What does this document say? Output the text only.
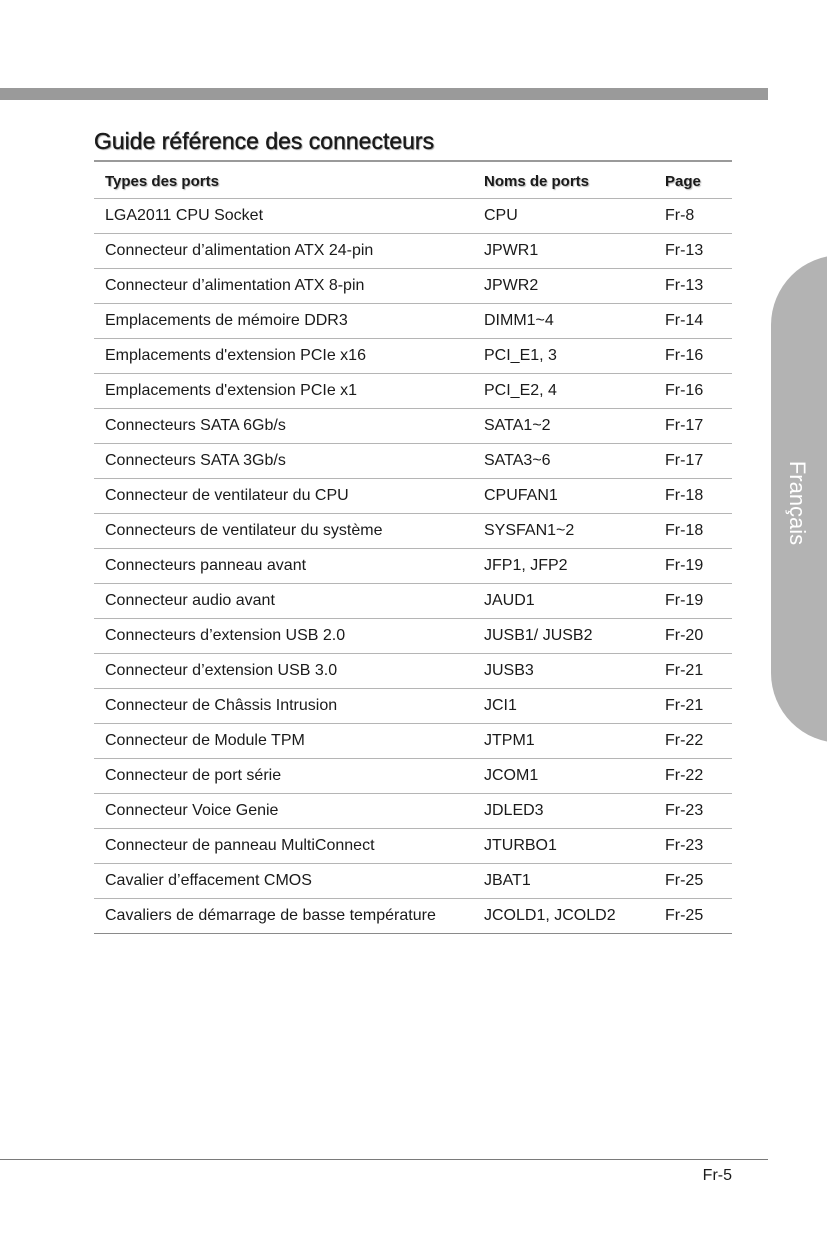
Guide référence des connecteurs
Types des ports	Noms de ports	Page
LGA2011 CPU Socket	CPU	Fr-8
Connecteur d’alimentation ATX 24-pin	JPWR1	Fr-13
Connecteur d’alimentation ATX 8-pin	JPWR2	Fr-13
Emplacements de mémoire DDR3	DIMM1~4	Fr-14
Emplacements d'extension PCIe x16	PCI_E1, 3	Fr-16
Emplacements d'extension PCIe x1	PCI_E2, 4	Fr-16
Connecteurs SATA 6Gb/s	SATA1~2	Fr-17
Connecteurs SATA 3Gb/s	SATA3~6	Fr-17
Connecteur de ventilateur du CPU	CPUFAN1	Fr-18
Connecteurs de ventilateur du système	SYSFAN1~2	Fr-18
Connecteurs panneau avant	JFP1, JFP2	Fr-19
Connecteur audio avant	JAUD1	Fr-19
Connecteurs d’extension USB 2.0	JUSB1/ JUSB2	Fr-20
Connecteur d’extension USB 3.0	JUSB3	Fr-21
Connecteur de Châssis Intrusion	JCI1	Fr-21
Connecteur de Module TPM	JTPM1	Fr-22
Connecteur de port série	JCOM1	Fr-22
Connecteur Voice Genie	JDLED3	Fr-23
Connecteur de panneau MultiConnect	JTURBO1	Fr-23
Cavalier d’effacement CMOS	JBAT1	Fr-25
Cavaliers de démarrage de basse température	JCOLD1, JCOLD2	Fr-25
Français
Fr-5
